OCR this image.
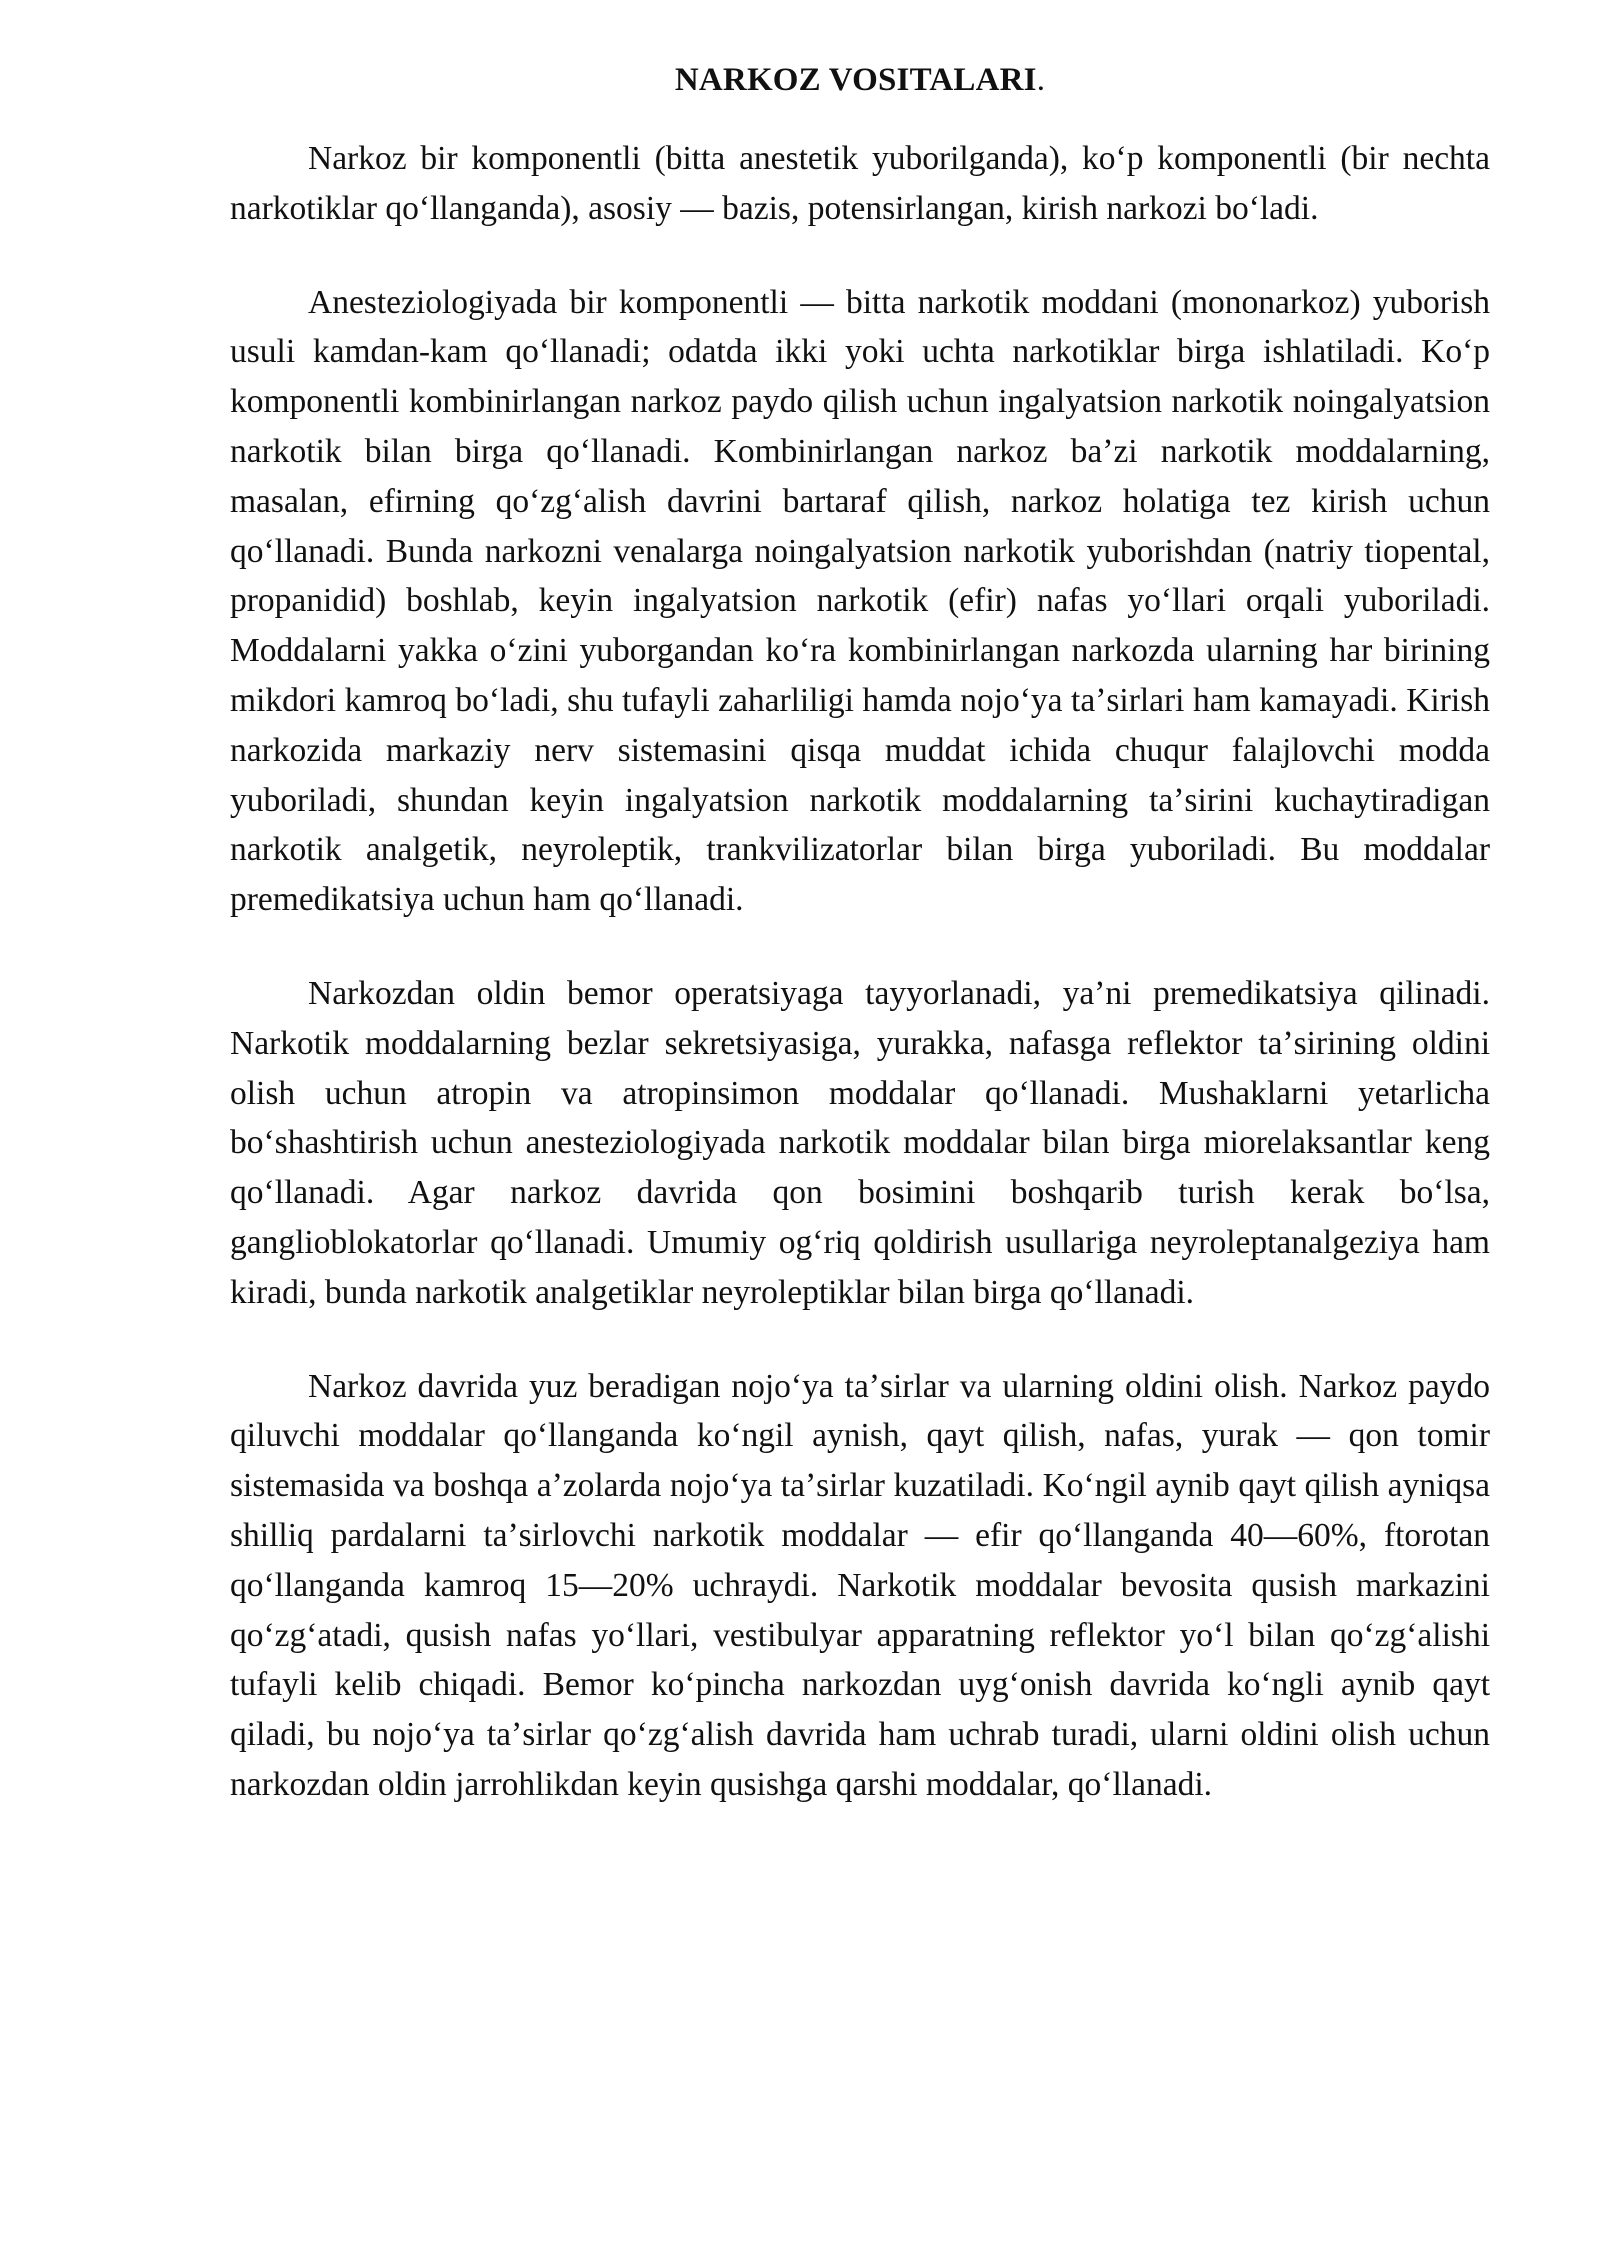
NARKOZ VOSITALARI.

Narkoz bir komponentli (bitta anestetik yuborilganda), koʻp komponentli (bir nechta narkotiklar qoʻllanganda), asosiy — bazis, potensirlangan, kirish narkozi boʻladi.

Anesteziologiyada bir komponentli — bitta narkotik moddani (mononarkoz) yuborish usuli kamdan-kam qoʻllanadi; odatda ikki yoki uchta narkotiklar birga ishlatiladi. Koʻp komponentli kombinirlangan narkoz paydo qilish uchun ingalyatsion narkotik noingalyatsion narkotik bilan birga qoʻllanadi. Kombinirlangan narkoz baʼzi narkotik moddalarning, masalan, efirning qoʻzgʻalish davrini bartaraf qilish, narkoz holatiga tez kirish uchun qoʻllanadi. Bunda narkozni venalarga noingalyatsion narkotik yuborishdan (natriy tiopental, propanidid) boshlab, keyin ingalyatsion narkotik (efir) nafas yoʻllari orqali yuboriladi. Moddalarni yakka oʻzini yuborgandan koʻra kombinirlangan narkozda ularning har birining mikdori kamroq boʻladi, shu tufayli zaharliligi hamda nojoʻya taʼsirlari ham kamayadi. Kirish narkozida markaziy nerv sistemasini qisqa muddat ichida chuqur falajlovchi modda yuboriladi, shundan keyin ingalyatsion narkotik moddalarning taʼsirini kuchaytiradigan narkotik analgetik, neyroleptik, trankvilizatorlar bilan birga yuboriladi. Bu moddalar premedikatsiya uchun ham qoʻllanadi.

Narkozdan oldin bemor operatsiyaga tayyorlanadi, yaʼni premedikatsiya qilinadi. Narkotik moddalarning bezlar sekretsiyasiga, yurakka, nafasga reflektor taʼsirining oldini olish uchun atropin va atropinsimon moddalar qoʻllanadi. Mushaklarni yetarlicha boʻshashtirish uchun anesteziologiyada narkotik moddalar bilan birga miorelaksantlar keng qoʻllanadi. Agar narkoz davrida qon bosimini boshqarib turish kerak boʻlsa, ganglioblokatorlar qoʻllanadi. Umumiy ogʻriq qoldirish usullariga neyroleptanalgeziya ham kiradi, bunda narkotik analgetiklar neyroleptiklar bilan birga qoʻllanadi.

Narkoz davrida yuz beradigan nojoʻya taʼsirlar va ularning oldini olish. Narkoz paydo qiluvchi moddalar qoʻllanganda koʻngil aynish, qayt qilish, nafas, yurak — qon tomir sistemasida va boshqa aʼzolarda nojoʻya taʼsirlar kuzatiladi. Koʻngil aynib qayt qilish ayniqsa shilliq pardalarni taʼsirlovchi narkotik moddalar — efir qoʻllanganda 40—60%, ftorotan qoʻllanganda kamroq 15—20% uchraydi. Narkotik moddalar bevosita qusish markazini qoʻzgʻatadi, qusish nafas yoʻllari, vestibulyar apparatning reflektor yoʻl bilan qoʻzgʻalishi tufayli kelib chiqadi. Bemor koʻpincha narkozdan uygʻonish davrida koʻngli aynib qayt qiladi, bu nojoʻya taʼsirlar qoʻzgʻalish davrida ham uchrab turadi, ularni oldini olish uchun narkozdan oldin jarrohlikdan keyin qusishga qarshi moddalar, qoʻllanadi.
